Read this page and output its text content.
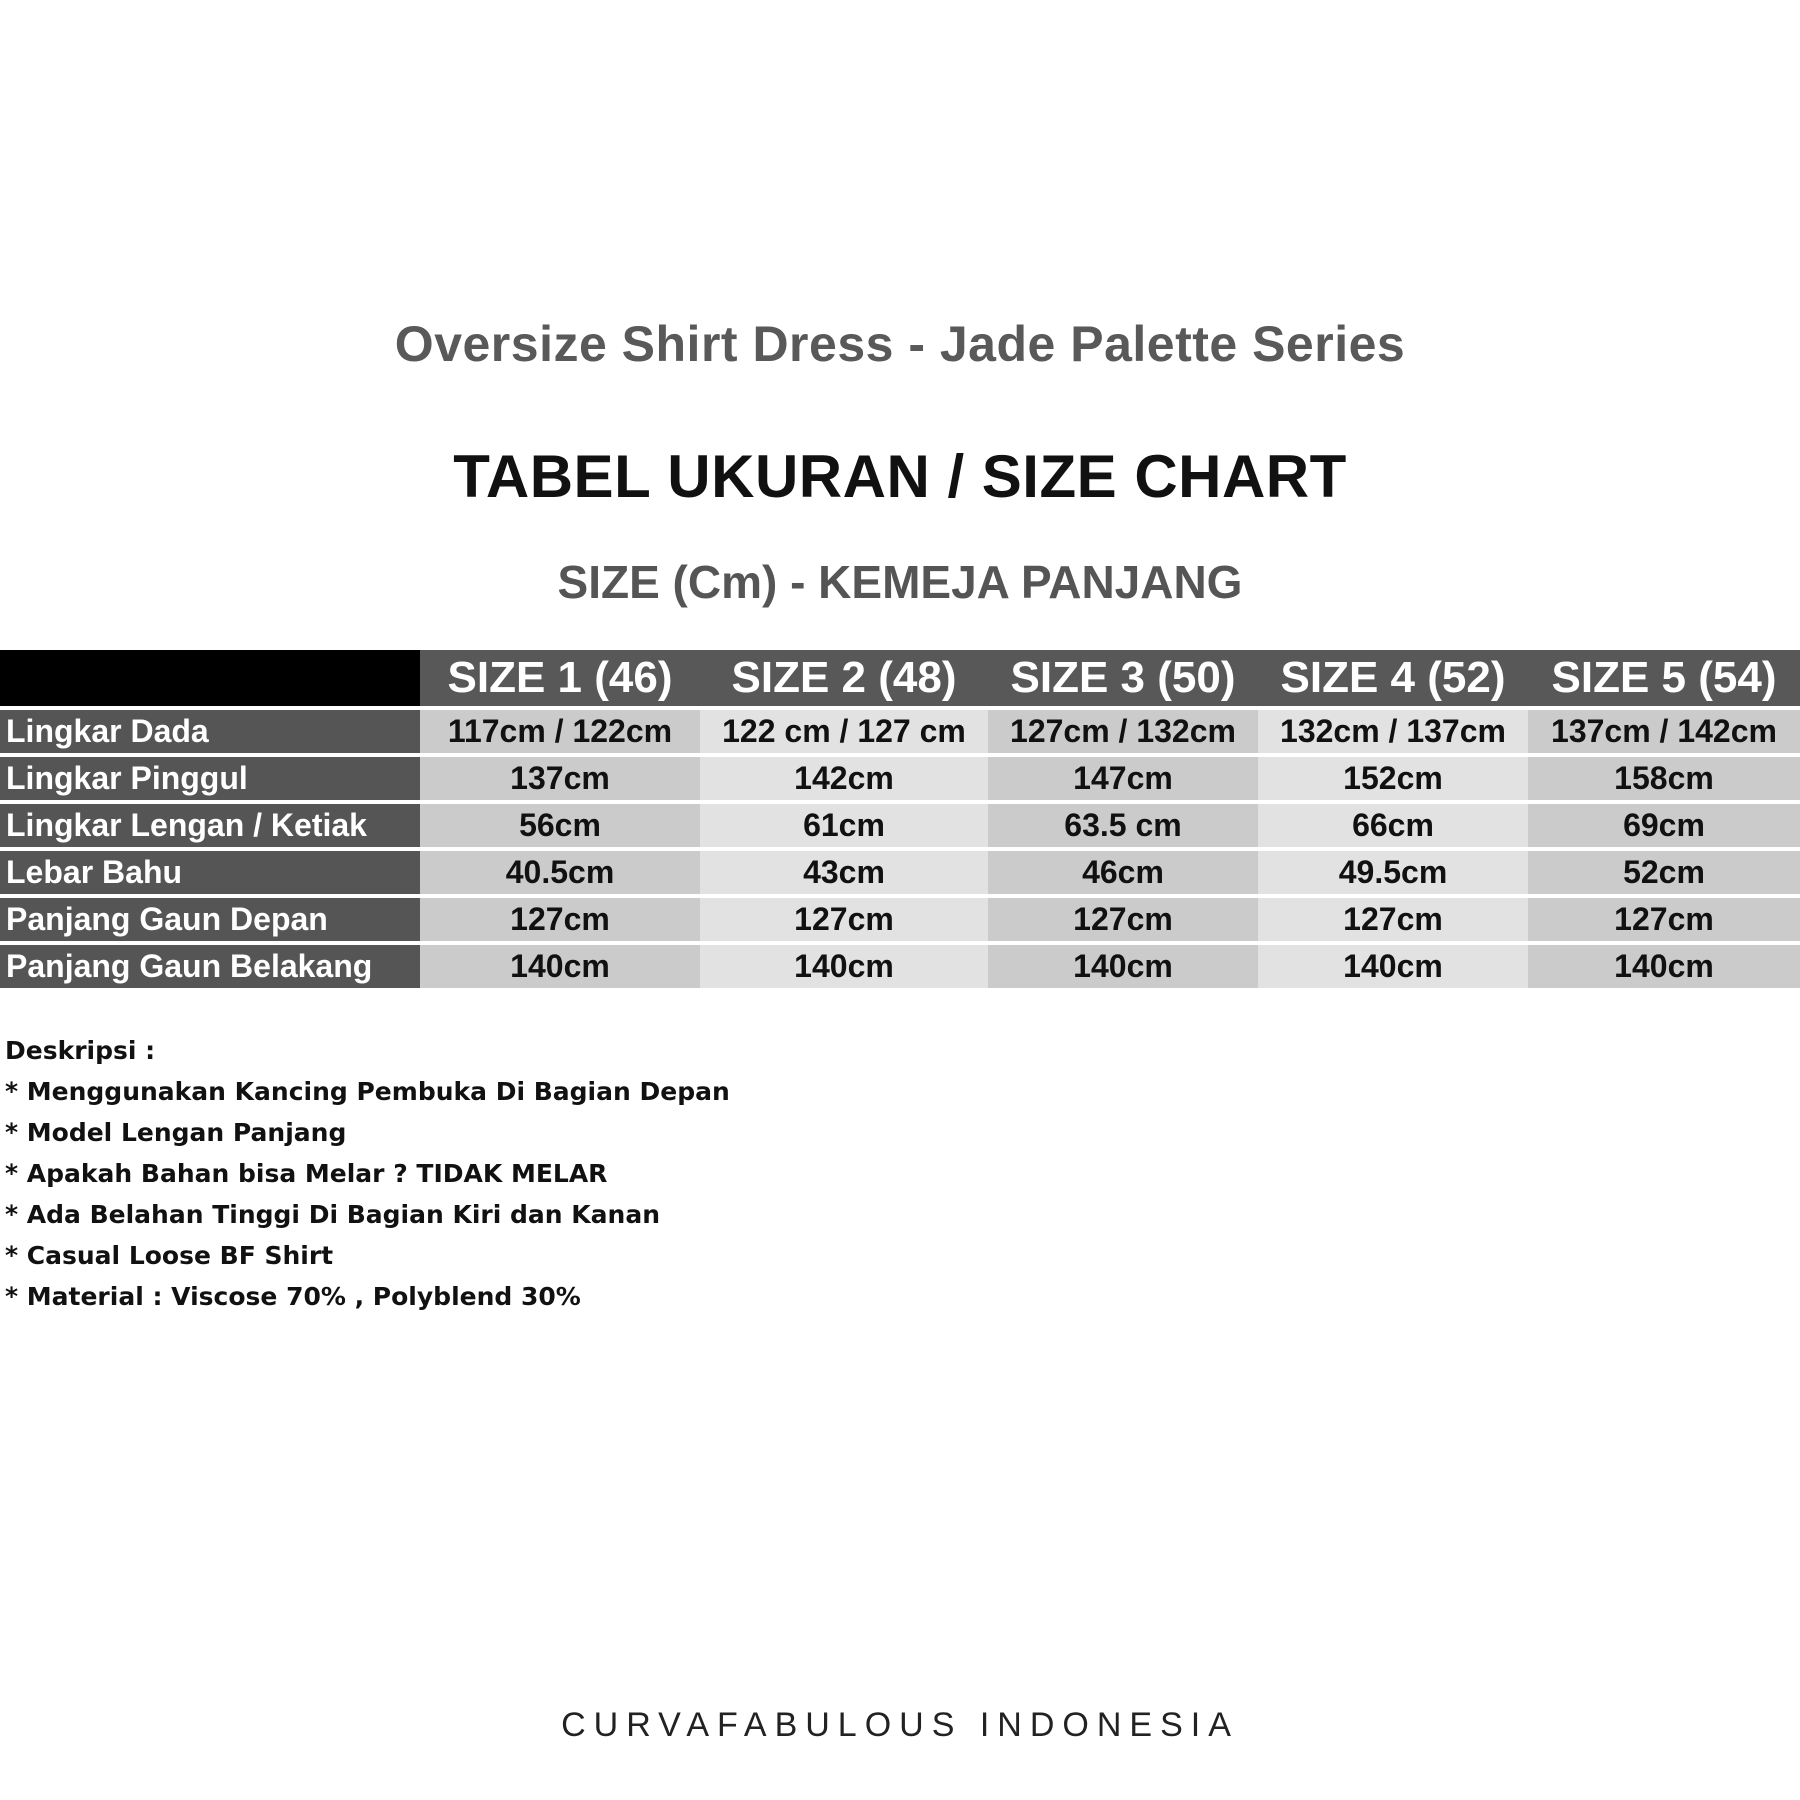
Oversize Shirt Dress - Jade Palette Series
TABEL UKURAN / SIZE CHART
SIZE (Cm) - KEMEJA PANJANG
	SIZE 1 (46)	SIZE 2 (48)	SIZE 3 (50)	SIZE 4 (52)	SIZE 5 (54)
Lingkar Dada	117cm / 122cm	122 cm / 127 cm	127cm / 132cm	132cm / 137cm	137cm / 142cm
Lingkar Pinggul	137cm	142cm	147cm	152cm	158cm
Lingkar Lengan / Ketiak	56cm	61cm	63.5 cm	66cm	69cm
Lebar Bahu	40.5cm	43cm	46cm	49.5cm	52cm
Panjang Gaun Depan	127cm	127cm	127cm	127cm	127cm
Panjang Gaun Belakang	140cm	140cm	140cm	140cm	140cm
Deskripsi :
* Menggunakan Kancing Pembuka Di Bagian Depan
* Model Lengan Panjang
* Apakah Bahan bisa Melar ? TIDAK MELAR
* Ada Belahan Tinggi Di Bagian Kiri dan Kanan
* Casual Loose BF Shirt
* Material : Viscose 70% , Polyblend 30%
CURVAFABULOUS INDONESIA
